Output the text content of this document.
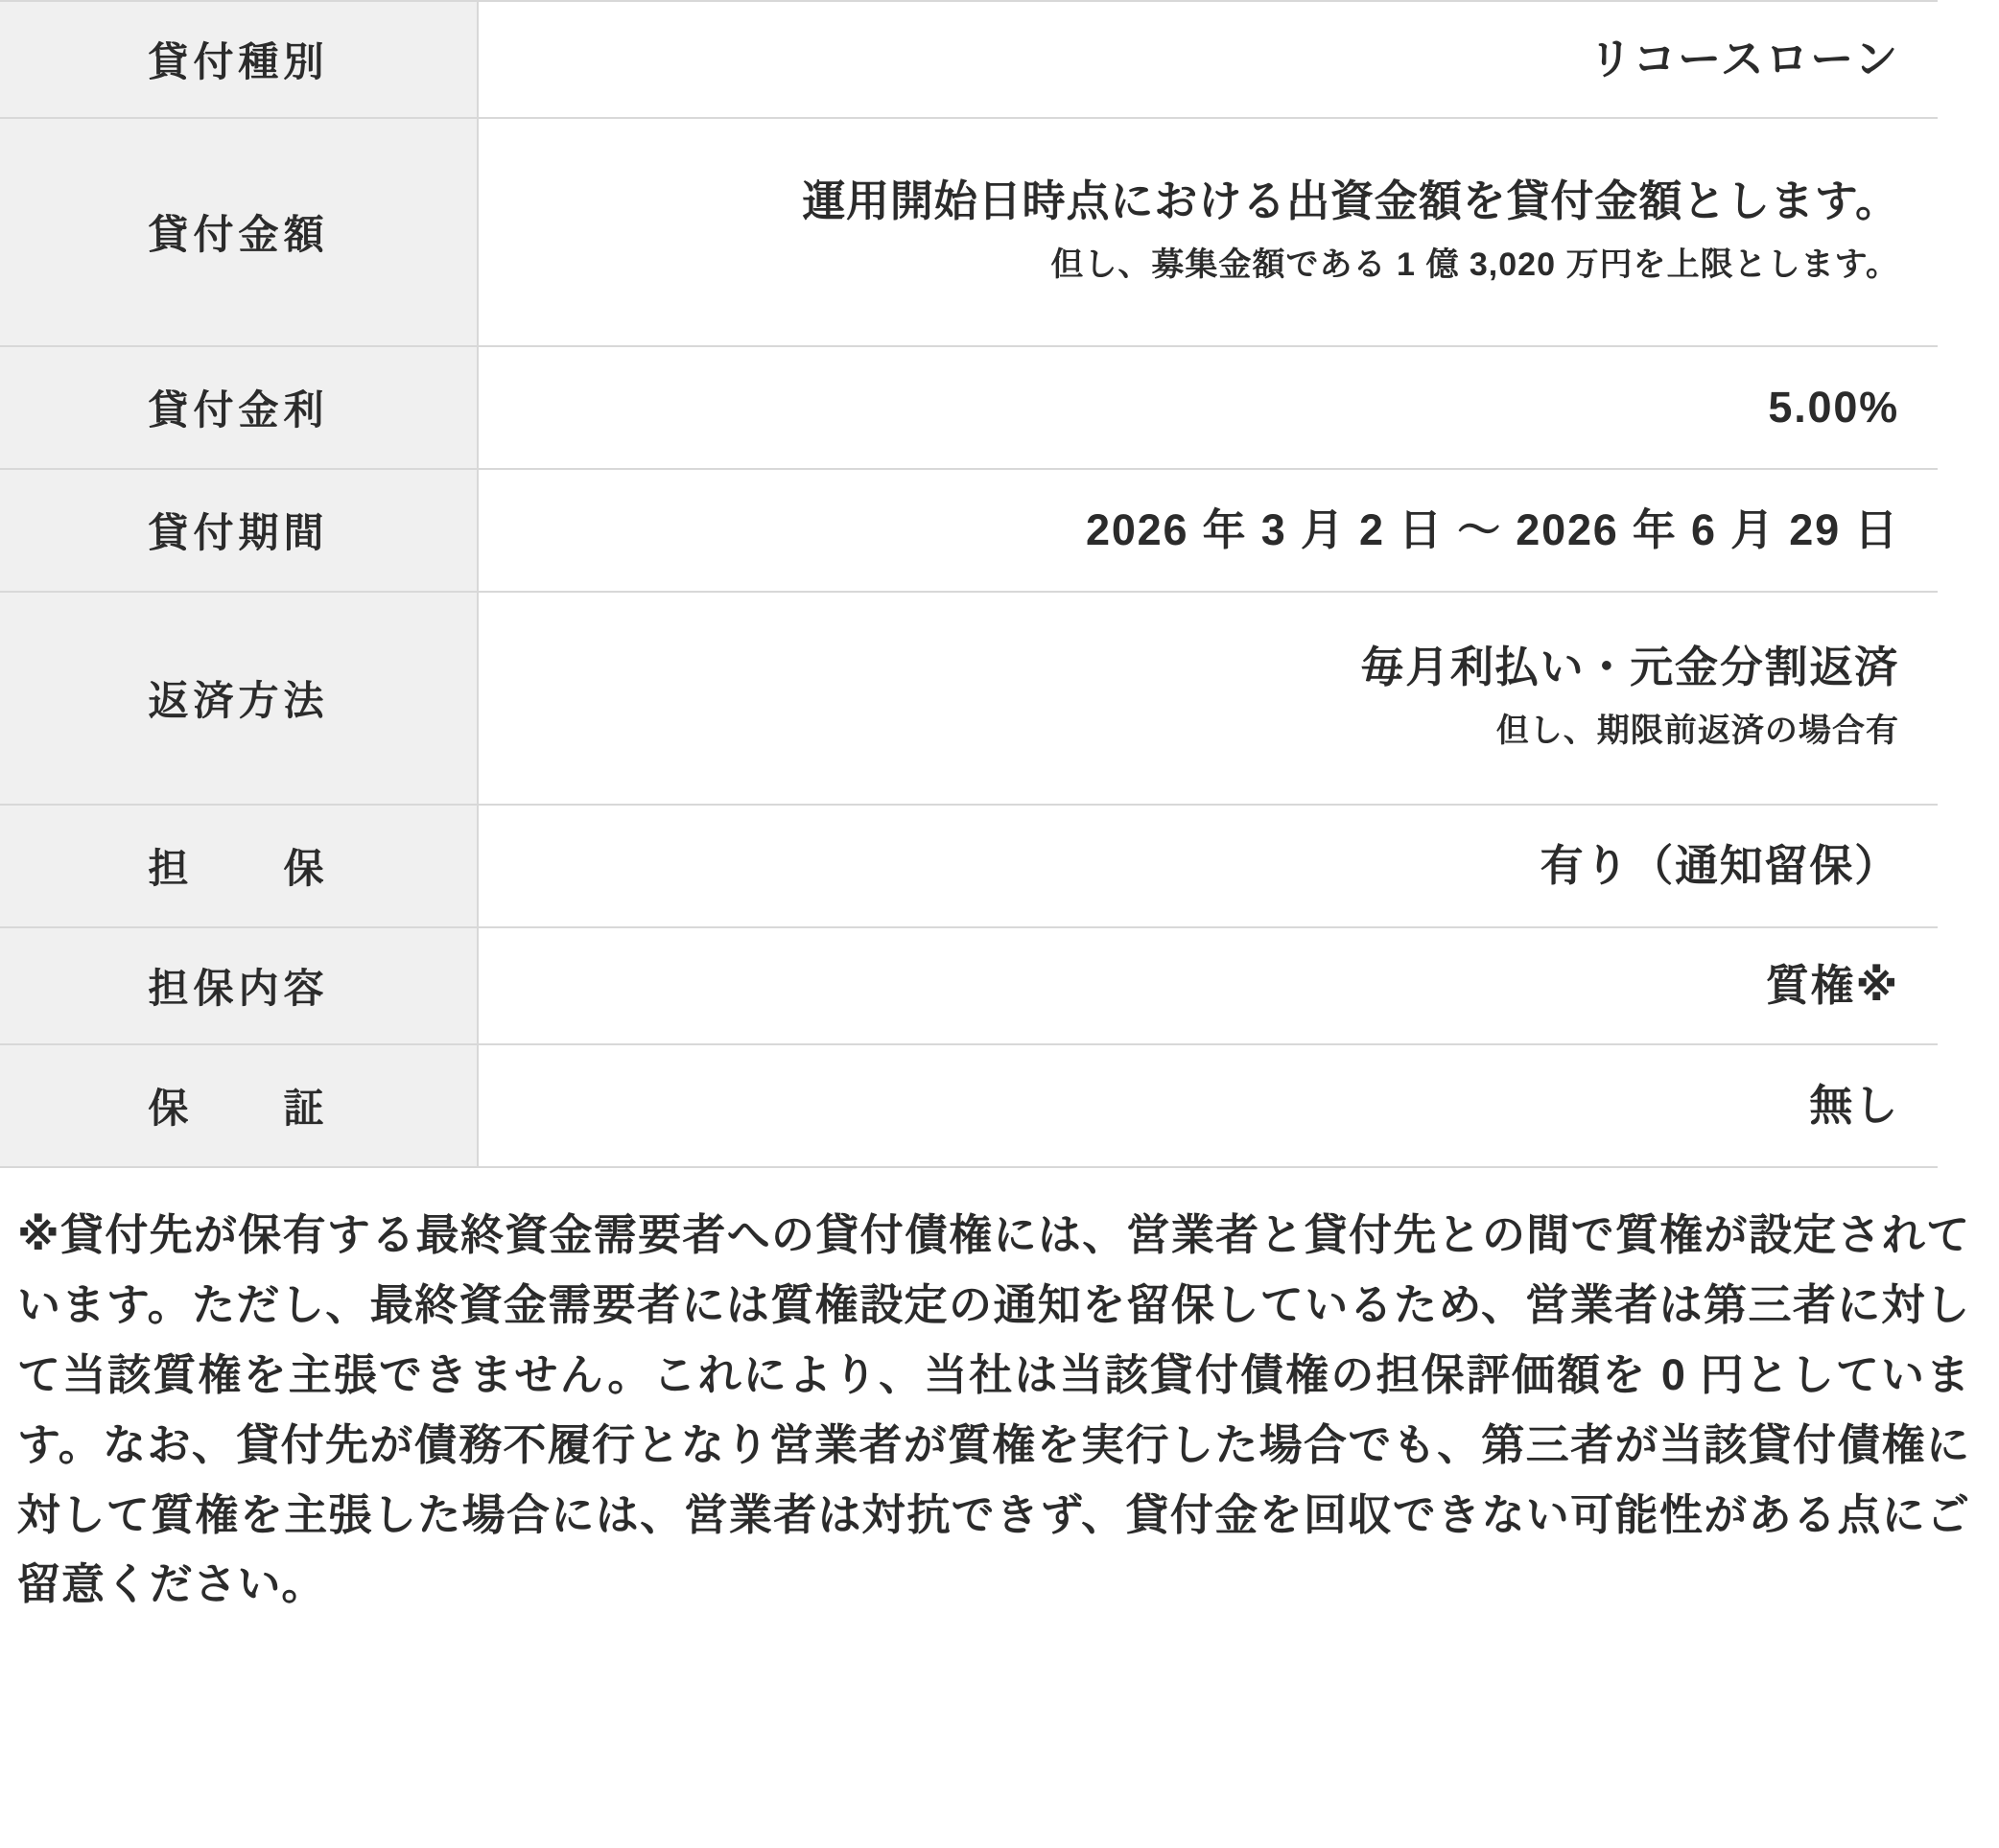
貸付種別	リコースローン

貸付金額	運用開始日時点における出資金額を貸付金額とします。
但し、募集金額である 1 億 3,020 万円を上限とします。

貸付金利	5.00%

貸付期間	2026 年 3 月 2 日 〜 2026 年 6 月 29 日

返済方法	毎月利払い・元金分割返済
但し、期限前返済の場合有

担　　保	有り（通知留保）

担保内容	質権※

保　　証	無し

※貸付先が保有する最終資金需要者への貸付債権には、営業者と貸付先との間で質権が設定されています。ただし、最終資金需要者には質権設定の通知を留保しているため、営業者は第三者に対して当該質権を主張できません。これにより、当社は当該貸付債権の担保評価額を 0 円としています。なお、貸付先が債務不履行となり営業者が質権を実行した場合でも、第三者が当該貸付債権に対して質権を主張した場合には、営業者は対抗できず、貸付金を回収できない可能性がある点にご留意ください。
